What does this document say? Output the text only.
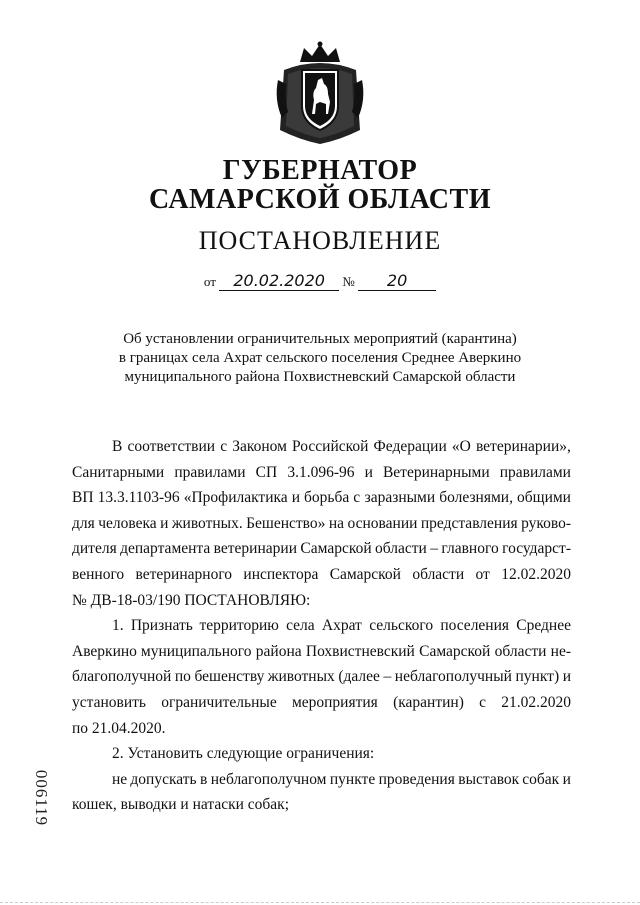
ГУБЕРНАТОР
САМАРСКОЙ ОБЛАСТИ
ПОСТАНОВЛЕНИЕ
от 20.02.2020 № 20
Об установлении ограничительных мероприятий (карантина)
в границах села Ахрат сельского поселения Среднее Аверкино
муниципального района Похвистневский Самарской области
В соответствии с Законом Российской Федерации «О ветеринарии»,
Санитарными правилами СП 3.1.096-96 и Ветеринарными правилами
ВП 13.3.1103-96 «Профилактика и борьба с заразными болезнями, общими
для человека и животных. Бешенство» на основании представления руково-
дителя департамента ветеринарии Самарской области – главного государст-
венного ветеринарного инспектора Самарской области от 12.02.2020
№ ДВ-18-03/190 ПОСТАНОВЛЯЮ:
1. Признать территорию села Ахрат сельского поселения Среднее
Аверкино муниципального района Похвистневский Самарской области не-
благополучной по бешенству животных (далее – неблагополучный пункт) и
установить ограничительные мероприятия (карантин) с 21.02.2020
по 21.04.2020.
2. Установить следующие ограничения:
не допускать в неблагополучном пункте проведения выставок собак и
кошек, выводки и натаски собак;
006119
